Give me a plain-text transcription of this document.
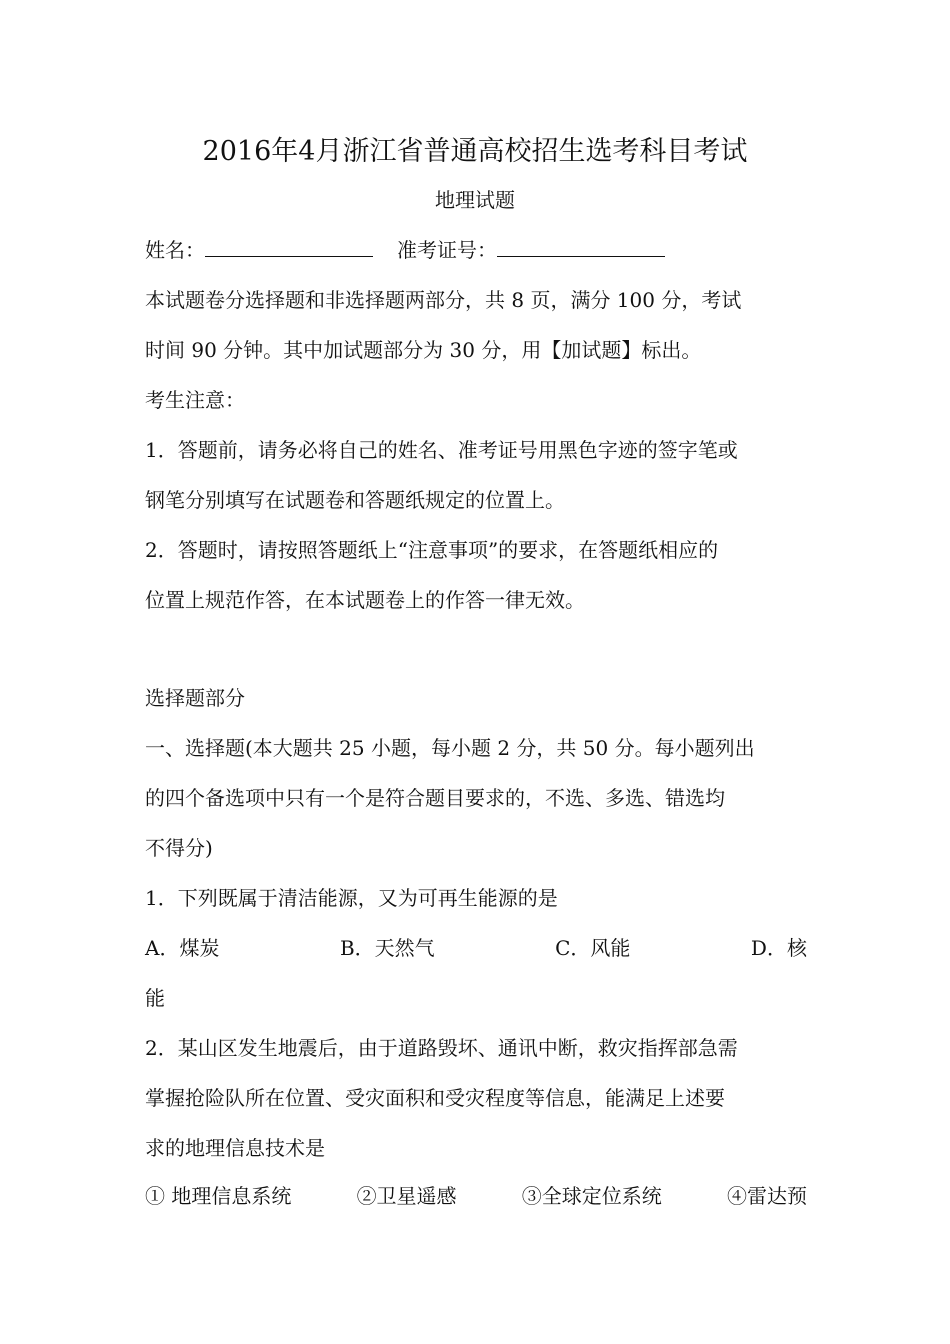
2016年4月浙江省普通高校招生选考科目考试
地理试题
姓名：	准考证号：
本试题卷分选择题和非选择题两部分，共 8 页，满分 100 分，考试
时间 90 分钟。其中加试题部分为 30 分，用【加试题】标出。
考生注意：
1．答题前，请务必将自己的姓名、准考证号用黑色字迹的签字笔或
钢笔分别填写在试题卷和答题纸规定的位置上。
2．答题时，请按照答题纸上“注意事项”的要求，在答题纸相应的
位置上规范作答，在本试题卷上的作答一律无效。
选择题部分
一、选择题(本大题共 25 小题，每小题 2 分，共 50 分。每小题列出
的四个备选项中只有一个是符合题目要求的，不选、多选、错选均
不得分)
1．下列既属于清洁能源，又为可再生能源的是
A．煤炭	B．天然气	C．风能	D．核
能
2．某山区发生地震后，由于道路毁坏、通讯中断，救灾指挥部急需
掌握抢险队所在位置、受灾面积和受灾程度等信息，能满足上述要
求的地理信息技术是
① 地理信息系统	②卫星遥感	③全球定位系统	④雷达预
